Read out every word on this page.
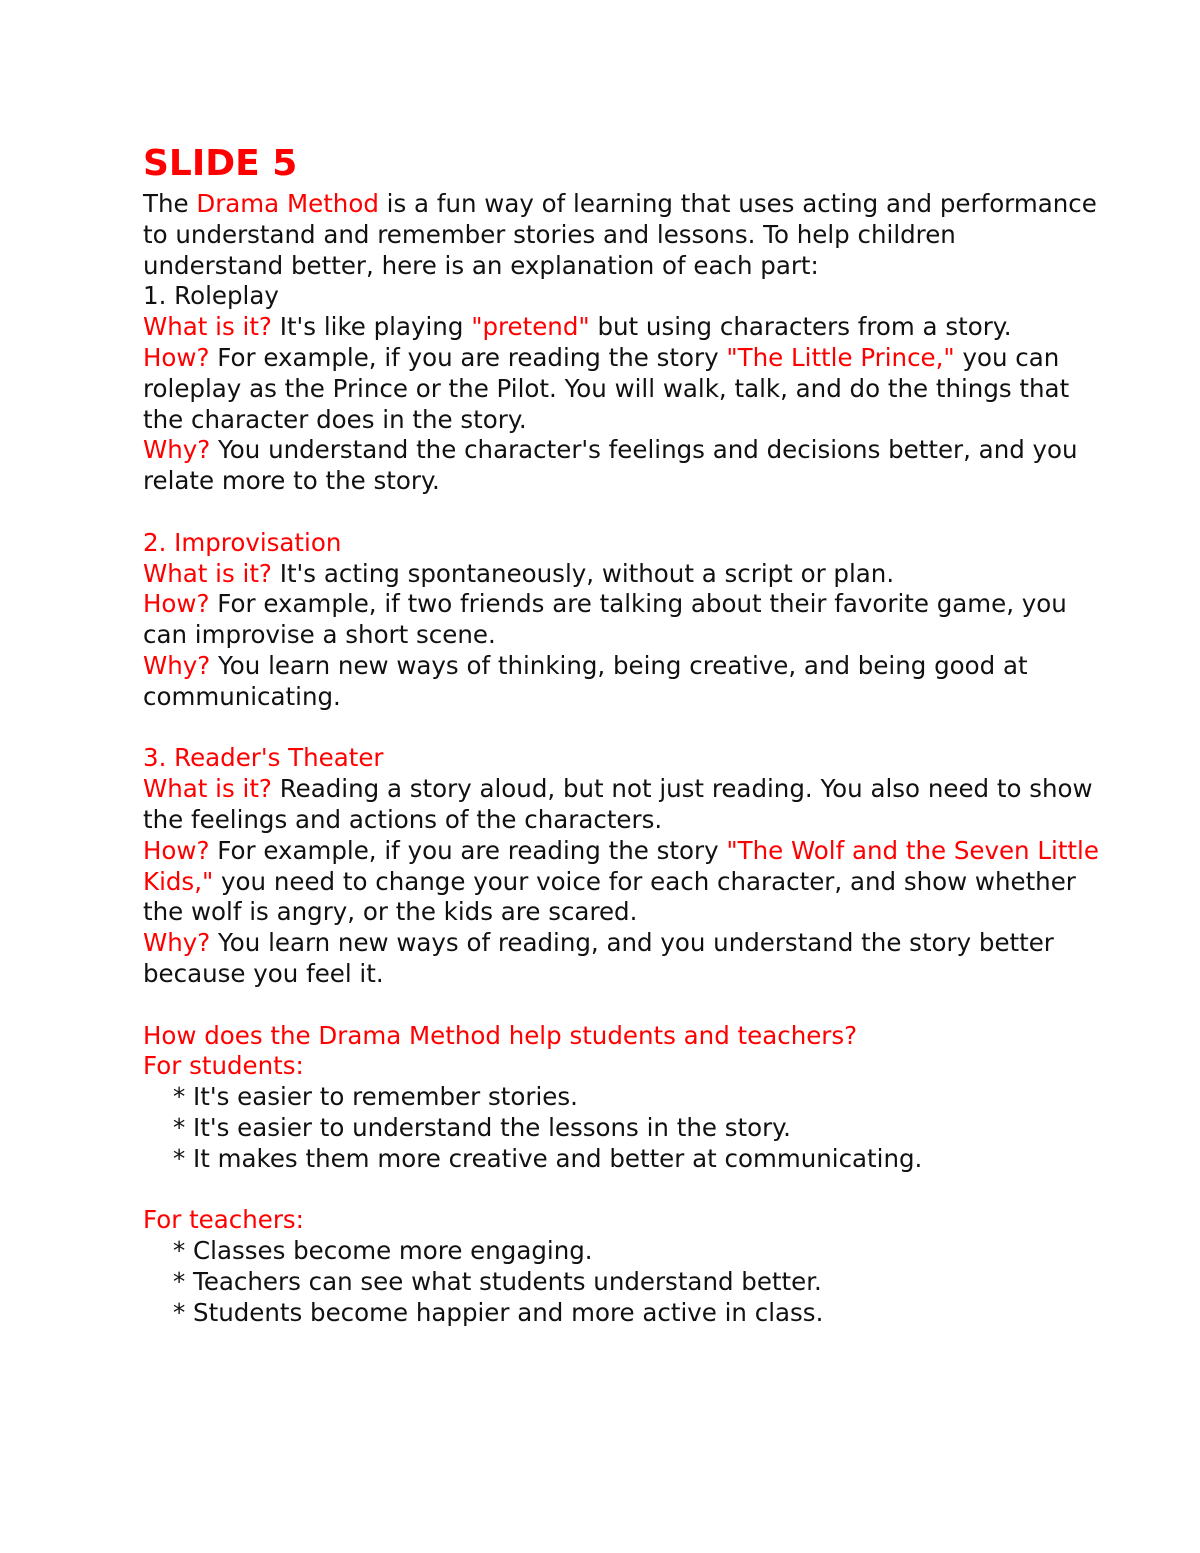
SLIDE 5

The Drama Method is a fun way of learning that uses acting and performance to understand and remember stories and lessons. To help children understand better, here is an explanation of each part:

1. Roleplay

What is it? It's like playing "pretend" but using characters from a story.

How? For example, if you are reading the story "The Little Prince," you can roleplay as the Prince or the Pilot. You will walk, talk, and do the things that the character does in the story.

Why? You understand the character's feelings and decisions better, and you relate more to the story.

2. Improvisation

What is it? It's acting spontaneously, without a script or plan.

How? For example, if two friends are talking about their favorite game, you can improvise a short scene.

Why? You learn new ways of thinking, being creative, and being good at communicating.

3. Reader's Theater

What is it? Reading a story aloud, but not just reading. You also need to show the feelings and actions of the characters.

How? For example, if you are reading the story "The Wolf and the Seven Little Kids," you need to change your voice for each character, and show whether the wolf is angry, or the kids are scared.

Why? You learn new ways of reading, and you understand the story better because you feel it.

How does the Drama Method help students and teachers?

For students:

* It's easier to remember stories.

* It's easier to understand the lessons in the story.

* It makes them more creative and better at communicating.

For teachers:

* Classes become more engaging.

* Teachers can see what students understand better.

* Students become happier and more active in class.
